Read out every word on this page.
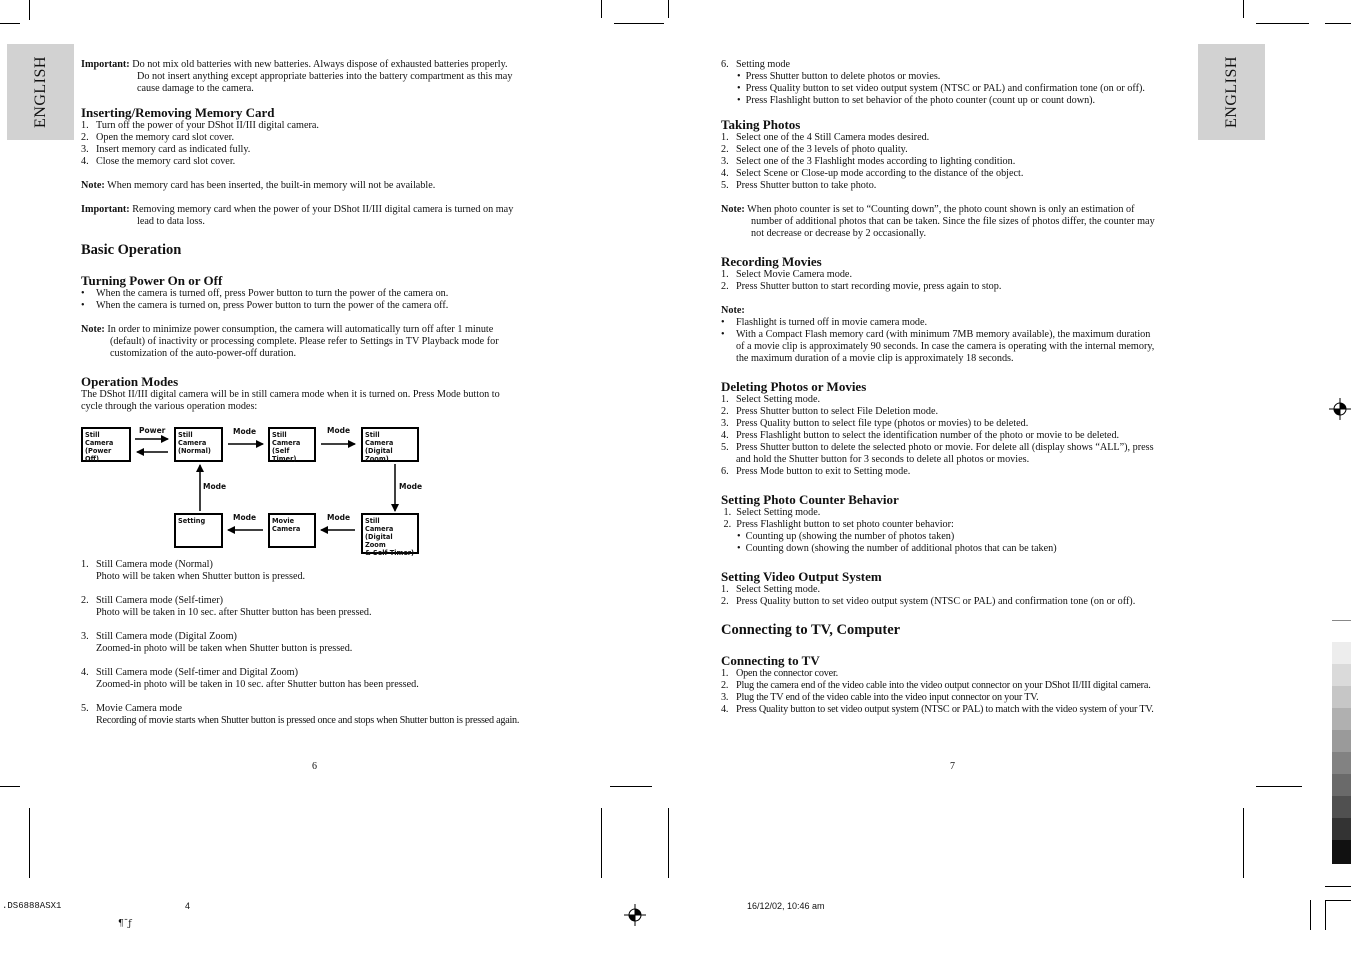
ENGLISH	ENGLISH
Important: Do not mix old batteries with new batteries. Always dispose of exhausted batteries properly.
Do not insert anything except appropriate batteries into the battery compartment as this may
cause damage to the camera.
Inserting/Removing Memory Card
1. Turn off the power of your DShot II/III digital camera.
2. Open the memory card slot cover.
3. Insert memory card as indicated fully.
4. Close the memory card slot cover.
Note: When memory card has been inserted, the built-in memory will not be available.
Important: Removing memory card when the power of your DShot II/III digital camera is turned on may
lead to data loss.
Basic Operation
Turning Power On or Off
• When the camera is turned off, press Power button to turn the power of the camera on.
• When the camera is turned on, press Power button to turn the power of the camera off.
Note: In order to minimize power consumption, the camera will automatically turn off after 1 minute
(default) of inactivity or processing complete. Please refer to Settings in TV Playback mode for
customization of the auto-power-off duration.
Operation Modes
The DShot II/III digital camera will be in still camera mode when it is turned on. Press Mode button to
cycle through the various operation modes:
Still
Camera
(Power Off)
Still
Camera
(Normal)
Still
Camera
(Self Timer)
Still
Camera
(Digital Zoom)
Setting	Movie
Camera
Still
Camera
(Digital Zoom
& Self Timer)
Power	Mode	Mode
Mode
Mode
Mode	Mode
1. Still Camera mode (Normal)
Photo will be taken when Shutter button is pressed.
2. Still Camera mode (Self-timer)
Photo will be taken in 10 sec. after Shutter button has been pressed.
3. Still Camera mode (Digital Zoom)
Zoomed-in photo will be taken when Shutter button is pressed.
4. Still Camera mode (Self-timer and Digital Zoom)
Zoomed-in photo will be taken in 10 sec. after Shutter button has been pressed.
5. Movie Camera mode
Recording of movie starts when Shutter button is pressed once and stops when Shutter button is pressed again.
6
6. Setting mode
•  Press Shutter button to delete photos or movies.
•  Press Quality button to set video output system (NTSC or PAL) and confirmation tone (on or off).
•  Press Flashlight button to set behavior of the photo counter (count up or count down).
Taking Photos
1. Select one of the 4 Still Camera modes desired.
2. Select one of the 3 levels of photo quality.
3. Select one of the 3 Flashlight modes according to lighting condition.
4. Select Scene or Close-up mode according to the distance of the object.
5. Press Shutter button to take photo.
Note: When photo counter is set to “Counting down”, the photo count shown is only an estimation of
number of additional photos that can be taken. Since the file sizes of photos differ, the counter may
not decrease or decrease by 2 occasionally.
Recording Movies
1. Select Movie Camera mode.
2. Press Shutter button to start recording movie, press again to stop.
Note:
• Flashlight is turned off in movie camera mode.
• With a Compact Flash memory card (with minimum 7MB memory available), the maximum duration
of a movie clip is approximately 90 seconds. In case the camera is operating with the internal memory,
the maximum duration of a movie clip is approximately 18 seconds.
Deleting Photos or Movies
1. Select Setting mode.
2. Press Shutter button to select File Deletion mode.
3. Press Quality button to select file type (photos or movies) to be deleted.
4. Press Flashlight button to select the identification number of the photo or movie to be deleted.
5. Press Shutter button to delete the selected photo or movie. For delete all (display shows “ALL”), press
and hold the Shutter button for 3 seconds to delete all photos or movies.
6. Press Mode button to exit to Setting mode.
Setting Photo Counter Behavior
1.  Select Setting mode.
2.  Press Flashlight button to set photo counter behavior:
•  Counting up (showing the number of photos taken)
•  Counting down (showing the number of additional photos that can be taken)
Setting Video Output System
1. Select Setting mode.
2. Press Quality button to set video output system (NTSC or PAL) and confirmation tone (on or off).
Connecting to TV, Computer
Connecting to TV
1. Open the connector cover.
2. Plug the camera end of the video cable into the video output connector on your DShot II/III digital camera.
3. Plug the TV end of the video cable into the video input connector on your TV.
4. Press Quality button to set video output system (NTSC or PAL) to match with the video system of your TV.
7
.DS6888ASX1	4
¶ˉƒ
16/12/02, 10:46 am
